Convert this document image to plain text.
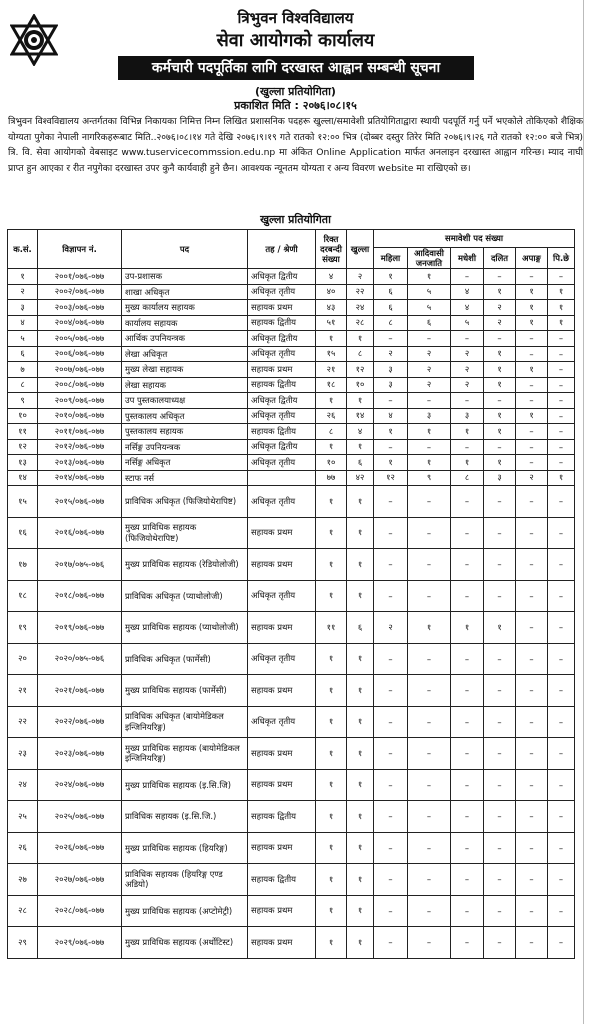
त्रिभुवन विश्वविद्यालय
सेवा आयोगको कार्यालय
कर्मचारी पदपूर्तिका लागि दरखास्त आह्वान सम्बन्धी सूचना
(खुल्ला प्रतियोगिता)
प्रकाशित मिति : २०७६।०८।१५
त्रिभुवन विश्वविद्यालय अन्तर्गतका विभिन्न निकायका निमित्त निम्न लिखित प्रशासनिक पदहरू खुल्ला/समावेशी प्रतियोगिताद्वारा स्थायी पदपूर्ति गर्नु पर्ने भएकोले तोकिएको शैक्षिक योग्यता पुगेका नेपाली नागरिकहरूबाट मिति..२०७६।०८।१४ गते देखि २०७६।९।१९ गते रातको १२:०० भित्र (दोब्बर दस्तुर तिरेर मिति २०७६।९।२६ गते रातको १२:०० बजे भित्र) त्रि. वि. सेवा आयोगको वेबसाइट www.tuservicecommssion.edu.np मा अंकित Online Application मार्फत अनलाइन दरखास्त आह्वान गरिन्छ। म्याद नाघी प्राप्त हुन आएका र रीत नपुगेका दरखास्त उपर कुनै कार्यवाही हुने छैन। आवश्यक न्यूनतम योग्यता र अन्य विवरण website मा राखिएको छ।
खुल्ला प्रतियोगिता
क.सं.	विज्ञापन नं.	पद	तह / श्रेणी	रिक्त दरबन्दी संख्या	खुल्ला	समावेशी पद संख्या					
						महिला	आदिवासी जनजाति	मधेशी	दलित	अपाङ्ग	पि.छे
१	२००१/०७६-०७७	उप-प्रशासक	अधिकृत द्वितीय	४	२	१	१	–	–	–	–
२	२००२/०७६-०७७	शाखा अधिकृत	अधिकृत तृतीय	४०	२२	६	५	४	१	१	१
३	२००३/०७६-०७७	मुख्य कार्यालय सहायक	सहायक प्रथम	४३	२४	६	५	४	२	१	१
४	२००४/०७६-०७७	कार्यालय सहायक	सहायक द्वितीय	५१	२८	८	६	५	२	१	१
५	२००५/०७६-०७७	आर्थिक उपनियन्त्रक	अधिकृत द्वितीय	१	१	–	–	–	–	–	–
६	२००६/०७६-०७७	लेखा अधिकृत	अधिकृत तृतीय	१५	८	२	२	२	१	–	–
७	२००७/०७६-०७७	मुख्य लेखा सहायक	सहायक प्रथम	२१	१२	३	२	२	१	१	–
८	२००८/०७६-०७७	लेखा सहायक	सहायक द्वितीय	१८	१०	३	२	२	१	–	–
९	२००९/०७६-०७७	उप पुस्तकालयाध्यक्ष	अधिकृत द्वितीय	१	१	–	–	–	–	–	–
१०	२०१०/०७६-०७७	पुस्तकालय अधिकृत	अधिकृत तृतीय	२६	१४	४	३	३	१	१	–
११	२०११/०७६-०७७	पुस्तकालय सहायक	सहायक द्वितीय	८	४	१	१	१	१	–	–
१२	२०१२/०७६-०७७	नर्सिङ्ग उपनियन्त्रक	अधिकृत द्वितीय	१	१	–	–	–	–	–	–
१३	२०१३/०७६-०७७	नर्सिङ्ग अधिकृत	अधिकृत तृतीय	१०	६	१	१	१	१	–	–
१४	२०१४/०७६-०७७	स्टाफ नर्स		७७	४२	१२	९	८	३	२	१
१५	२०१५/०७६-०७७	प्राविधिक अधिकृत (फिजियोथेरापिष्ट)	अधिकृत तृतीय	१	१	–	–	–	–	–	–
१६	२०१६/०७६-०७७	मुख्य प्राविधिक सहायक (फिजियोथेरापिष्ट)	सहायक प्रथम	१	१	–	–	–	–	–	–
१७	२०१७/०७५-०७६	मुख्य प्राविधिक सहायक (रेडियोलोजी)	सहायक प्रथम	१	१	–	–	–	–	–	–
१८	२०१८/०७६-०७७	प्राविधिक अधिकृत (प्याथोलोजी)	अधिकृत तृतीय	१	१	–	–	–	–	–	–
१९	२०१९/०७६-०७७	मुख्य प्राविधिक सहायक (प्याथोलोजी)	सहायक प्रथम	११	६	२	१	१	१	–	–
२०	२०२०/०७५-०७६	प्राविधिक अधिकृत (फार्मेसी)	अधिकृत तृतीय	१	१	–	–	–	–	–	–
२१	२०२१/०७६-०७७	मुख्य प्राविधिक सहायक (फार्मेसी)	सहायक प्रथम	१	१	–	–	–	–	–	–
२२	२०२२/०७६-०७७	प्राविधिक अधिकृत (बायोमेडिकल इन्जिनियरिङ्ग)	अधिकृत तृतीय	१	१	–	–	–	–	–	–
२३	२०२३/०७६-०७७	मुख्य प्राविधिक सहायक (बायोमेडिकल इन्जिनियरिङ्ग)	सहायक प्रथम	१	१	–	–	–	–	–	–
२४	२०२४/०७६-०७७	मुख्य प्राविधिक सहायक (इ.सि.जि)	सहायक प्रथम	१	१	–	–	–	–	–	–
२५	२०२५/०७६-०७७	प्राविधिक सहायक (इ.सि.जि.)	सहायक द्वितीय	१	१	–	–	–	–	–	–
२६	२०२६/०७६-०७७	मुख्य प्राविधिक सहायक (हियरिङ्ग)	सहायक प्रथम	१	१	–	–	–	–	–	–
२७	२०२७/०७६-०७७	प्राविधिक सहायक (हियरिङ्ग एण्ड अडियो)	सहायक द्वितीय	१	१	–	–	–	–	–	–
२८	२०२८/०७६-०७७	मुख्य प्राविधिक सहायक (अप्टोमेट्री)	सहायक प्रथम	१	१	–	–	–	–	–	–
२९	२०२९/०७६-०७७	मुख्य प्राविधिक सहायक (अर्थोटिस्ट)	सहायक प्रथम	१	१	–	–	–	–	–	–
